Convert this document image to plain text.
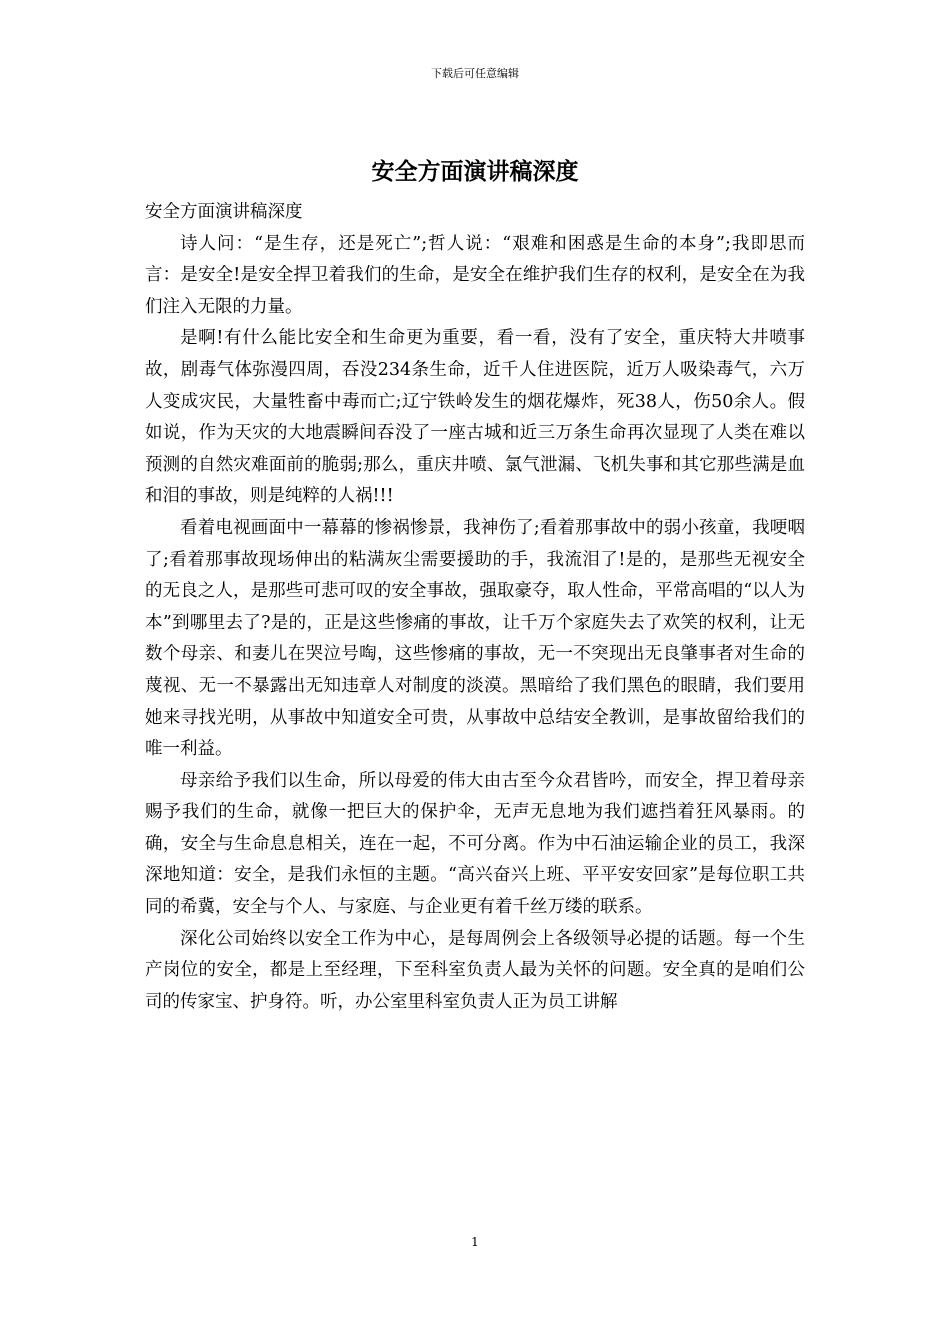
下载后可任意编辑
安全方面演讲稿深度

安全方面演讲稿深度

诗人问：“是生存，还是死亡”;哲人说：“艰难和困惑是生命的本身”;我即思而言：是安全!是安全捍卫着我们的生命，是安全在维护我们生存的权利，是安全在为我们注入无限的力量。

是啊!有什么能比安全和生命更为重要，看一看，没有了安全，重庆特大井喷事故，剧毒气体弥漫四周，吞没234条生命，近千人住进医院，近万人吸染毒气，六万人变成灾民，大量牲畜中毒而亡;辽宁铁岭发生的烟花爆炸，死38人，伤50余人。假如说，作为天灾的大地震瞬间吞没了一座古城和近三万条生命再次显现了人类在难以预测的自然灾难面前的脆弱;那么，重庆井喷、氯气泄漏、飞机失事和其它那些满是血和泪的事故，则是纯粹的人祸!!!

看着电视画面中一幕幕的惨祸惨景，我神伤了;看着那事故中的弱小孩童，我哽咽了;看着那事故现场伸出的粘满灰尘需要援助的手，我流泪了!是的，是那些无视安全的无良之人，是那些可悲可叹的安全事故，强取豪夺，取人性命，平常高唱的“以人为本”到哪里去了?是的，正是这些惨痛的事故，让千万个家庭失去了欢笑的权利，让无数个母亲、和妻儿在哭泣号啕，这些惨痛的事故，无一不突现出无良肇事者对生命的蔑视、无一不暴露出无知违章人对制度的淡漠。黑暗给了我们黑色的眼睛，我们要用她来寻找光明，从事故中知道安全可贵，从事故中总结安全教训，是事故留给我们的唯一利益。

母亲给予我们以生命，所以母爱的伟大由古至今众君皆吟，而安全，捍卫着母亲赐予我们的生命，就像一把巨大的保护伞，无声无息地为我们遮挡着狂风暴雨。的确，安全与生命息息相关，连在一起，不可分离。作为中石油运输企业的员工，我深深地知道：安全，是我们永恒的主题。“高兴奋兴上班、平平安安回家”是每位职工共同的希冀，安全与个人、与家庭、与企业更有着千丝万缕的联系。

深化公司始终以安全工作为中心，是每周例会上各级领导必提的话题。每一个生产岗位的安全，都是上至经理，下至科室负责人最为关怀的问题。安全真的是咱们公司的传家宝、护身符。听，办公室里科室负责人正为员工讲解

1
